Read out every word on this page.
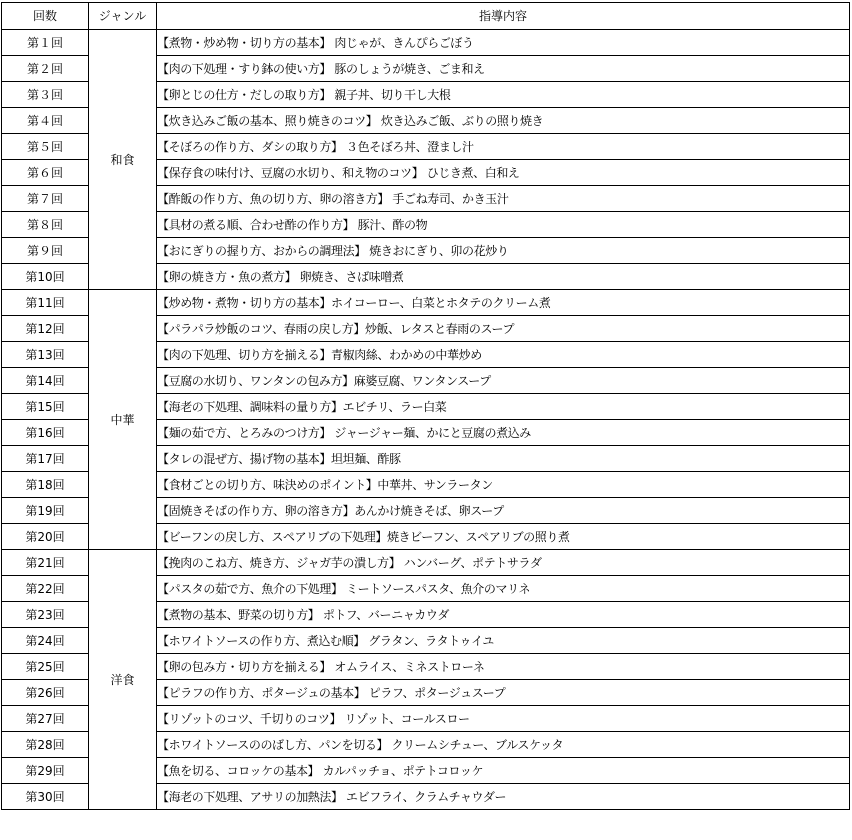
回数	ジャンル	指導内容
第１回	和食	【煮物・炒め物・切り方の基本】 肉じゃが、きんぴらごぼう
第２回		【肉の下処理・すり鉢の使い方】 豚のしょうが焼き、ごま和え
第３回		【卵とじの仕方・だしの取り方】 親子丼、切り干し大根
第４回		【炊き込みご飯の基本、照り焼きのコツ】 炊き込みご飯、ぶりの照り焼き
第５回		【そぼろの作り方、ダシの取り方】 ３色そぼろ丼、澄まし汁
第６回		【保存食の味付け、豆腐の水切り、和え物のコツ】 ひじき煮、白和え
第７回		【酢飯の作り方、魚の切り方、卵の溶き方】 手ごね寿司、かき玉汁
第８回		【具材の煮る順、合わせ酢の作り方】 豚汁、酢の物
第９回		【おにぎりの握り方、おからの調理法】 焼きおにぎり、卯の花炒り
第10回		【卵の焼き方・魚の煮方】 卵焼き、さば味噌煮
第11回	中華	【炒め物・煮物・切り方の基本】ホイコーロー、白菜とホタテのクリーム煮
第12回		【パラパラ炒飯のコツ、春雨の戻し方】炒飯、レタスと春雨のスープ
第13回		【肉の下処理、切り方を揃える】青椒肉絲、わかめの中華炒め
第14回		【豆腐の水切り、ワンタンの包み方】麻婆豆腐、ワンタンスープ
第15回		【海老の下処理、調味料の量り方】エビチリ、ラー白菜
第16回		【麺の茹で方、とろみのつけ方】 ジャージャー麺、かにと豆腐の煮込み
第17回		【タレの混ぜ方、揚げ物の基本】坦坦麺、酢豚
第18回		【食材ごとの切り方、味決めのポイント】中華丼、サンラータン
第19回		【固焼きそばの作り方、卵の溶き方】あんかけ焼きそば、卵スープ
第20回		【ビーフンの戻し方、スペアリブの下処理】焼きビーフン、スペアリブの照り煮
第21回	洋食	【挽肉のこね方、焼き方、ジャガ芋の潰し方】 ハンバーグ、ポテトサラダ
第22回		【パスタの茹で方、魚介の下処理】 ミートソースパスタ、魚介のマリネ
第23回		【煮物の基本、野菜の切り方】 ポトフ、バーニャカウダ
第24回		【ホワイトソースの作り方、煮込む順】 グラタン、ラタトゥイユ
第25回		【卵の包み方・切り方を揃える】 オムライス、ミネストローネ
第26回		【ピラフの作り方、ポタージュの基本】 ピラフ、ポタージュスープ
第27回		【リゾットのコツ、千切りのコツ】 リゾット、コールスロー
第28回		【ホワイトソースののばし方、パンを切る】 クリームシチュー、ブルスケッタ
第29回		【魚を切る、コロッケの基本】 カルパッチョ、ポテトコロッケ
第30回		【海老の下処理、アサリの加熱法】 エビフライ、クラムチャウダー
